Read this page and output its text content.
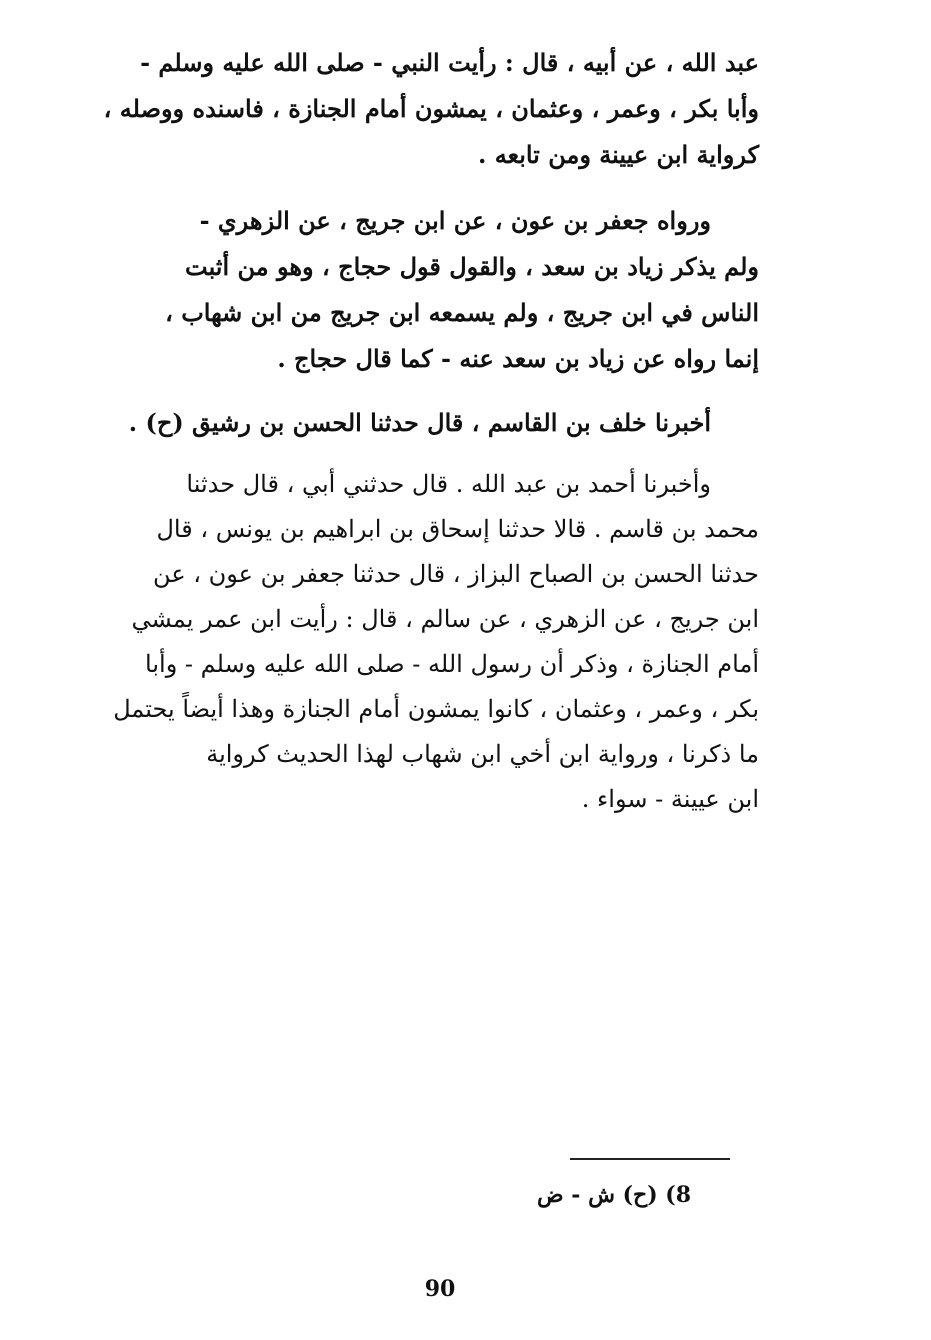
عبد الله ، عن أبيه ، قال : رأيت النبي - صلى الله عليه وسلم -
وأبا بكر ، وعمر ، وعثمان ، يمشون أمام الجنازة ، فاسنده ووصله ،
كرواية ابن عيينة ومن تابعه .
ورواه جعفر بن عون ، عن ابن جريج ، عن الزهري -
ولم يذكر زياد بن سعد ، والقول قول حجاج ، وهو من أثبت
الناس في ابن جريج ، ولم يسمعه ابن جريج من ابن شهاب ،
إنما رواه عن زياد بن سعد عنه - كما قال حجاج .
أخبرنا خلف بن القاسم ، قال حدثنا الحسن بن رشيق (ح) .
وأخبرنا أحمد بن عبد الله . قال حدثني أبي ، قال حدثنا
محمد بن قاسم . قالا حدثنا إسحاق بن ابراهيم بن يونس ، قال
حدثنا الحسن بن الصباح البزاز ، قال حدثنا جعفر بن عون ، عن
ابن جريج ، عن الزهري ، عن سالم ، قال : رأيت ابن عمر يمشي
أمام الجنازة ، وذكر أن رسول الله - صلى الله عليه وسلم - وأبا
بكر ، وعمر ، وعثمان ، كانوا يمشون أمام الجنازة وهذا أيضاً يحتمل
ما ذكرنا ، ورواية ابن أخي ابن شهاب لهذا الحديث كرواية
ابن عيينة - سواء .
8) (ح) ش - ض
90
